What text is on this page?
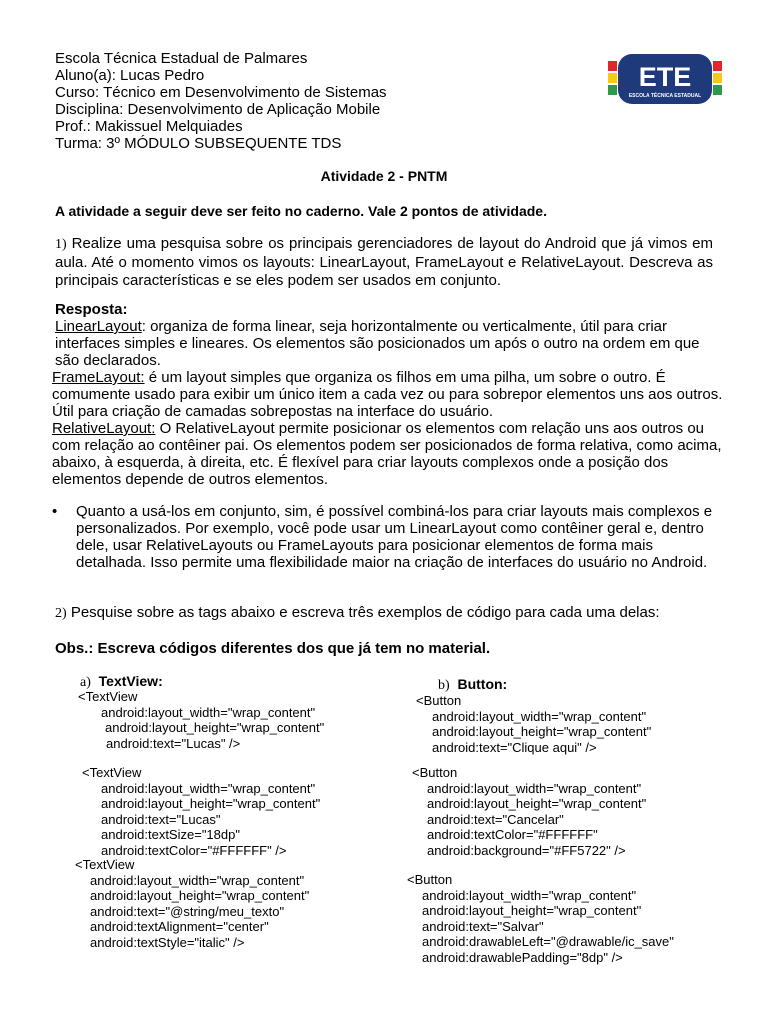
Escola Técnica Estadual de Palmares
Aluno(a): Lucas Pedro
Curso: Técnico em Desenvolvimento de Sistemas
Disciplina: Desenvolvimento de Aplicação Mobile
Prof.: Makissuel Melquiades
Turma: 3º MÓDULO SUBSEQUENTE TDS
ETE
ESCOLA TÉCNICA ESTADUAL
Atividade 2 - PNTM
A atividade a seguir deve ser feito no caderno. Vale 2 pontos de atividade.
1) Realize uma pesquisa sobre os principais gerenciadores de layout do Android que já vimos em aula. Até o momento vimos os layouts: LinearLayout, FrameLayout e RelativeLayout. Descreva as principais características e se eles podem ser usados em conjunto.
Resposta:
LinearLayout: organiza de forma linear, seja horizontalmente ou verticalmente, útil para criar interfaces simples e lineares. Os elementos são posicionados um após o outro na ordem em que são declarados.
FrameLayout: é um layout simples que organiza os filhos em uma pilha, um sobre o outro. É comumente usado para exibir um único item a cada vez ou para sobrepor elementos uns aos outros. Útil para criação de camadas sobrepostas na interface do usuário.
RelativeLayout: O RelativeLayout permite posicionar os elementos com relação uns aos outros ou com relação ao contêiner pai. Os elementos podem ser posicionados de forma relativa, como acima, abaixo, à esquerda, à direita, etc. É flexível para criar layouts complexos onde a posição dos elementos depende de outros elementos.
• Quanto a usá-los em conjunto, sim, é possível combiná-los para criar layouts mais complexos e personalizados. Por exemplo, você pode usar um LinearLayout como contêiner geral e, dentro dele, usar RelativeLayouts ou FrameLayouts para posicionar elementos de forma mais detalhada. Isso permite uma flexibilidade maior na criação de interfaces do usuário no Android.
2) Pesquise sobre as tags abaixo e escreva três exemplos de código para cada uma delas:
Obs.: Escreva códigos diferentes dos que já tem no material.
a) TextView:
<TextView
android:layout_width="wrap_content"
android:layout_height="wrap_content"
android:text="Lucas" />
<TextView
android:layout_width="wrap_content"
android:layout_height="wrap_content"
android:text="Lucas"
android:textSize="18dp"
android:textColor="#FFFFFF" />
<TextView
android:layout_width="wrap_content"
android:layout_height="wrap_content"
android:text="@string/meu_texto"
android:textAlignment="center"
android:textStyle="italic" />
b) Button:
<Button
android:layout_width="wrap_content"
android:layout_height="wrap_content"
android:text="Clique aqui" />
<Button
android:layout_width="wrap_content"
android:layout_height="wrap_content"
android:text="Cancelar"
android:textColor="#FFFFFF"
android:background="#FF5722" />
<Button
android:layout_width="wrap_content"
android:layout_height="wrap_content"
android:text="Salvar"
android:drawableLeft="@drawable/ic_save"
android:drawablePadding="8dp" />
